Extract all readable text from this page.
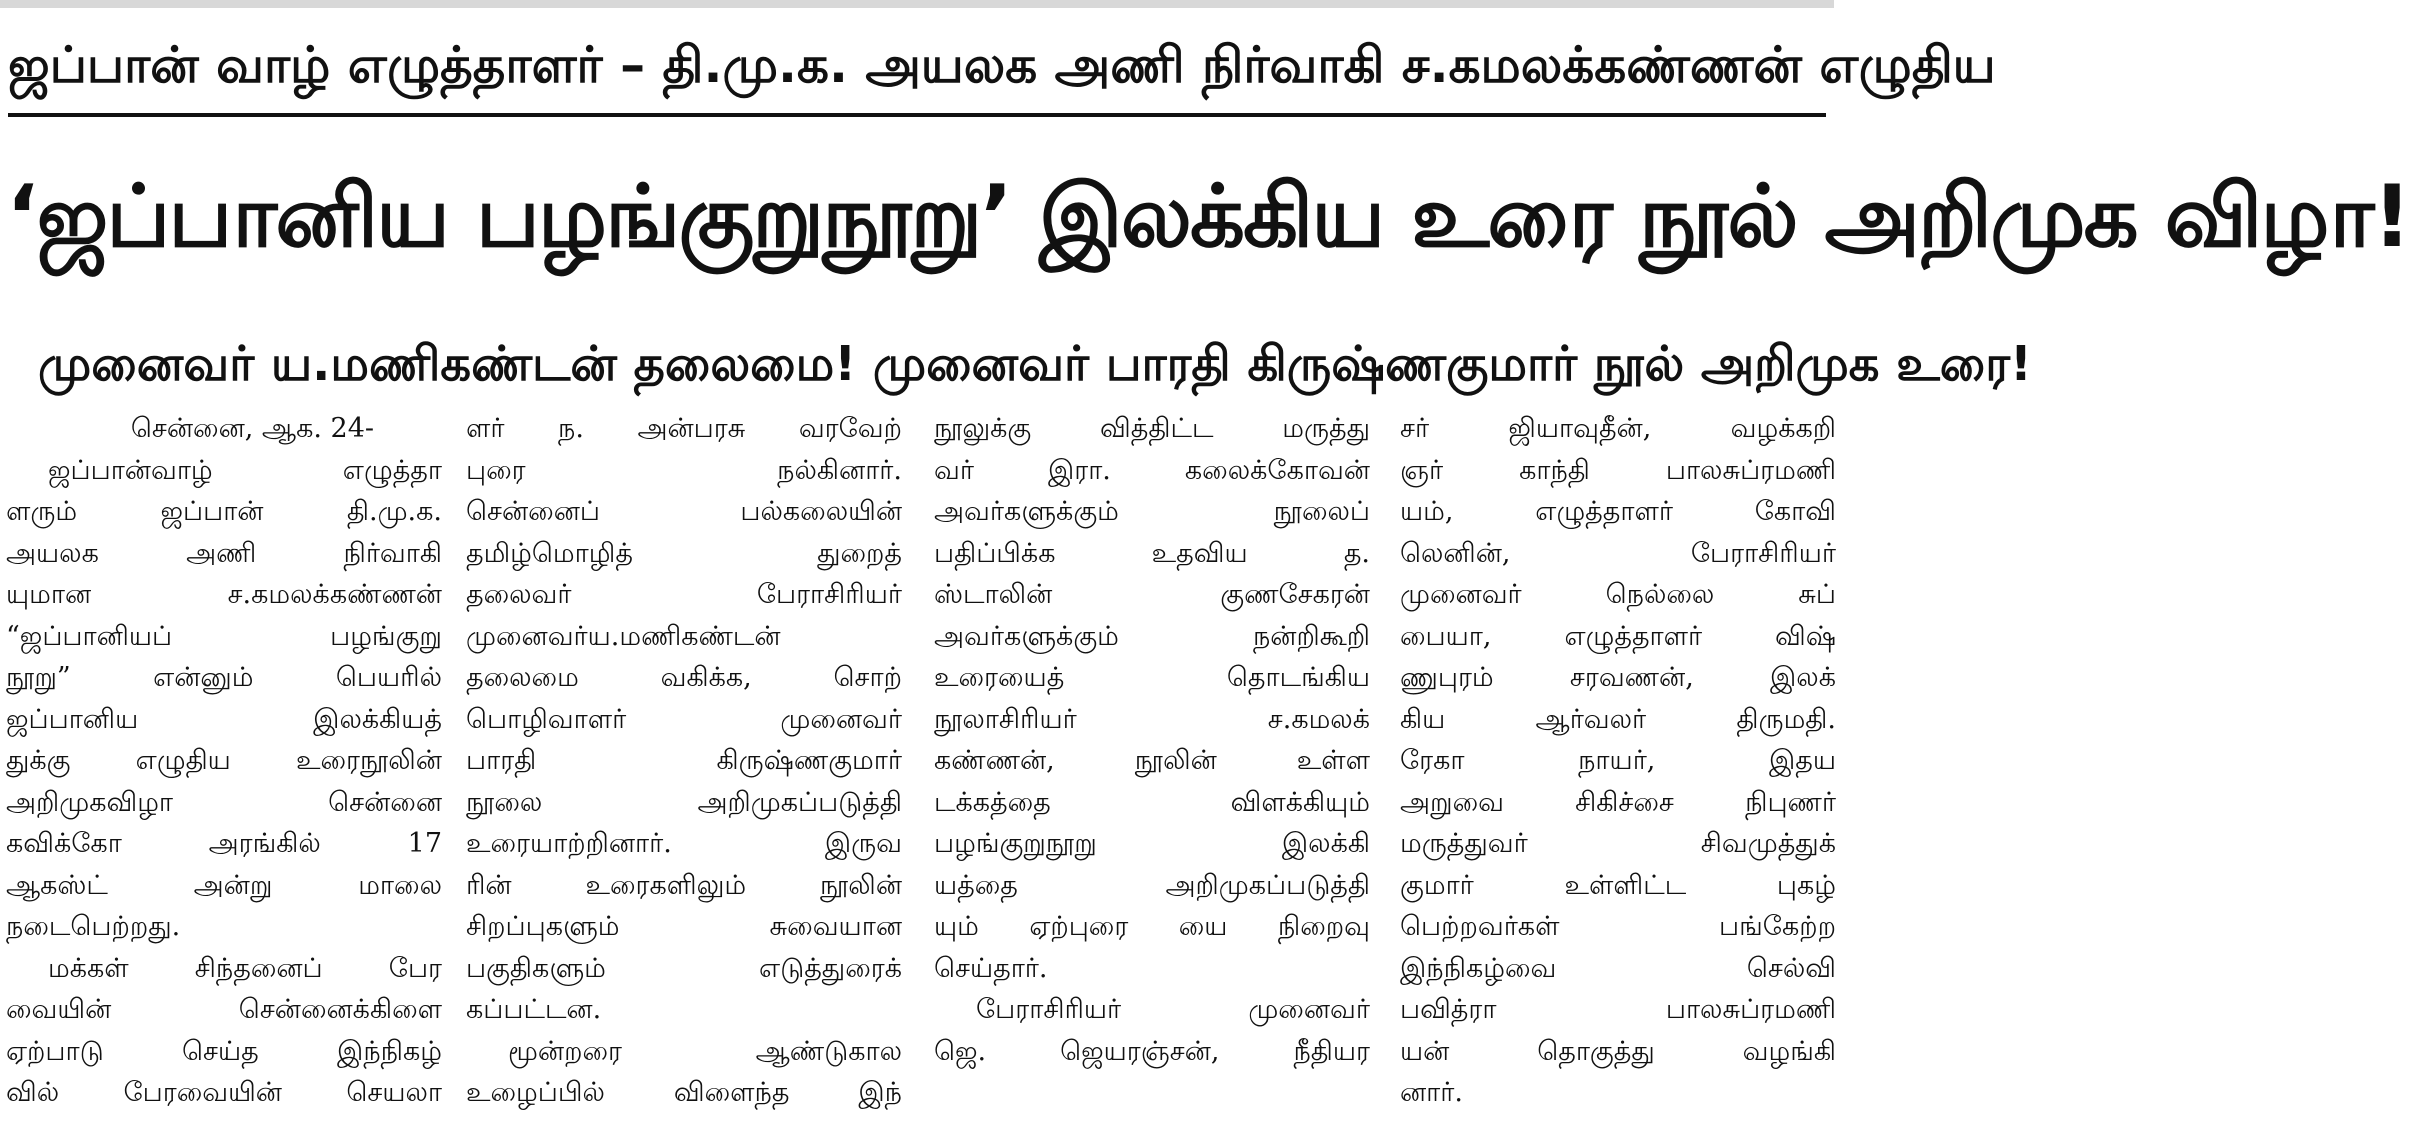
ஜப்பான் வாழ் எழுத்தாளர் – தி.மு.க. அயலக அணி நிர்வாகி ச.கமலக்கண்ணன் எழுதிய
‘ஜப்பானிய பழங்குறுநூறு’ இலக்கிய உரை நூல் அறிமுக விழா!
முனைவர் ய.மணிகண்டன் தலைமை! முனைவர் பாரதி கிருஷ்ணகுமார் நூல் அறிமுக உரை!
சென்னை, ஆக. 24-
ஜப்பான்வாழ் எழுத்தா
ளரும் ஜப்பான் தி.மு.க.
அயலக அணி நிர்வாகி
யுமான ச.கமலக்கண்ணன்
“ஜப்பானியப் பழங்குறு
நூறு” என்னும் பெயரில்
ஜப்பானிய இலக்கியத்
துக்கு எழுதிய உரைநூலின்
அறிமுகவிழா சென்னை
கவிக்கோ அரங்கில் 17
ஆகஸ்ட் அன்று மாலை
நடைபெற்றது.
மக்கள் சிந்தனைப் பேர
வையின் சென்னைக்கிளை
ஏற்பாடு செய்த இந்நிகழ்
வில் பேரவையின் செயலா
ளர் ந. அன்பரசு வரவேற்
புரை நல்கினார்.
சென்னைப் பல்கலையின்
தமிழ்மொழித் துறைத்
தலைவர் பேராசிரியர்
முனைவர்ய.மணிகண்டன்
தலைமை வகிக்க, சொற்
பொழிவாளர் முனைவர்
பாரதி கிருஷ்ணகுமார்
நூலை அறிமுகப்படுத்தி
உரையாற்றினார். இருவ
ரின் உரைகளிலும் நூலின்
சிறப்புகளும் சுவையான
பகுதிகளும் எடுத்துரைக்
கப்பட்டன.
மூன்றரை ஆண்டுகால
உழைப்பில் விளைந்த இந்
நூலுக்கு வித்திட்ட மருத்து
வர் இரா. கலைக்கோவன்
அவர்களுக்கும் நூலைப்
பதிப்பிக்க உதவிய த.
ஸ்டாலின் குணசேகரன்
அவர்களுக்கும் நன்றிகூறி
உரையைத் தொடங்கிய
நூலாசிரியர் ச.கமலக்
கண்ணன், நூலின் உள்ள
டக்கத்தை விளக்கியும்
பழங்குறுநூறு இலக்கி
யத்தை அறிமுகப்படுத்தி
யும் ஏற்புரை யை நிறைவு
செய்தார்.
பேராசிரியர் முனைவர்
ஜெ. ஜெயரஞ்சன், நீதியர
சர் ஜியாவுதீன், வழக்கறி
ஞர் காந்தி பாலசுப்ரமணி
யம், எழுத்தாளர் கோவி
லெனின், பேராசிரியர்
முனைவர் நெல்லை சுப்
பையா, எழுத்தாளர் விஷ்
ணுபுரம் சரவணன், இலக்
கிய ஆர்வலர் திருமதி.
ரேகா நாயர், இதய
அறுவை சிகிச்சை நிபுணர்
மருத்துவர் சிவமுத்துக்
குமார் உள்ளிட்ட புகழ்
பெற்றவர்கள் பங்கேற்ற
இந்நிகழ்வை செல்வி
பவித்ரா பாலசுப்ரமணி
யன் தொகுத்து வழங்கி
னார்.
